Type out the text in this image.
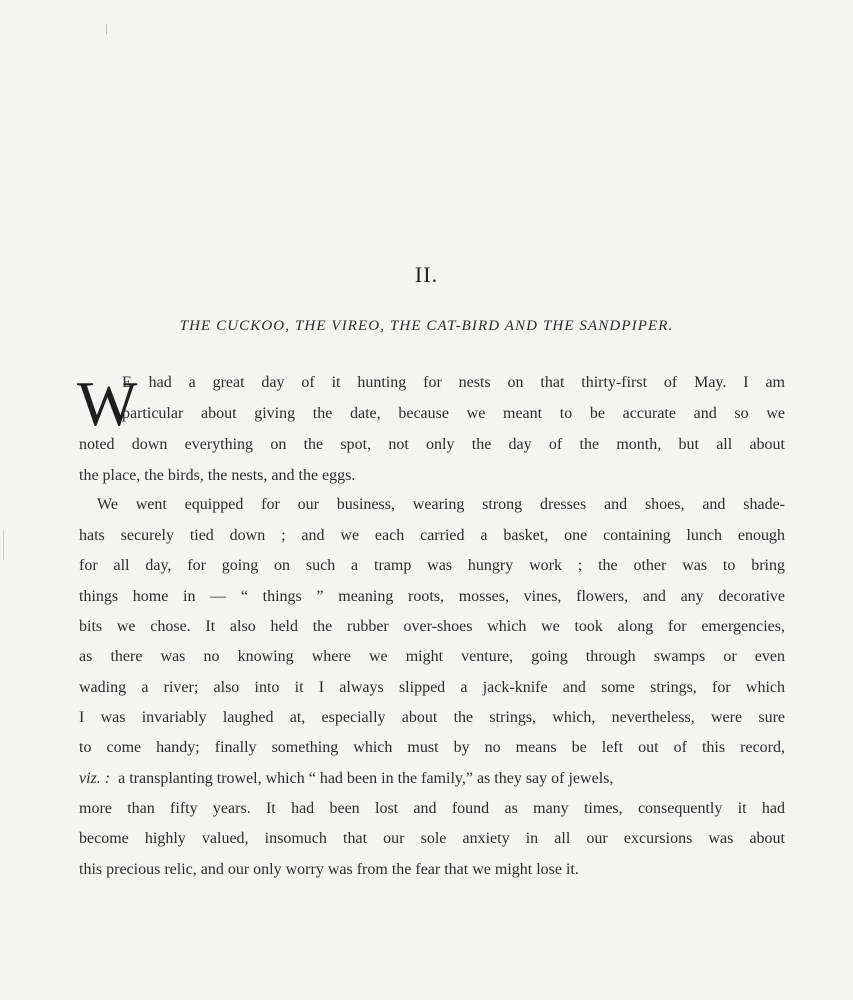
II.
THE CUCKOO, THE VIREO, THE CAT-BIRD AND THE SANDPIPER.
W
E had a great day of it hunting for nests on that thirty-first of May. I am
particular about giving the date, because we meant to be accurate and so we
noted down everything on the spot, not only the day of the month, but all about
the place, the birds, the nests, and the eggs.
We went equipped for our business, wearing strong dresses and shoes, and shade-
hats securely tied down ; and we each carried a basket, one containing lunch enough
for all day, for going on such a tramp was hungry work ; the other was to bring
things home in — “ things ” meaning roots, mosses, vines, flowers, and any decorative
bits we chose. It also held the rubber over-shoes which we took along for emergencies,
as there was no knowing where we might venture, going through swamps or even
wading a river; also into it I always slipped a jack-knife and some strings, for which
I was invariably laughed at, especially about the strings, which, nevertheless, were sure
to come handy; finally something which must by no means be left out of this record,
viz. : a transplanting trowel, which “ had been in the family,” as they say of jewels,
more than fifty years. It had been lost and found as many times, consequently it had
become highly valued, insomuch that our sole anxiety in all our excursions was about
this precious relic, and our only worry was from the fear that we might lose it.
